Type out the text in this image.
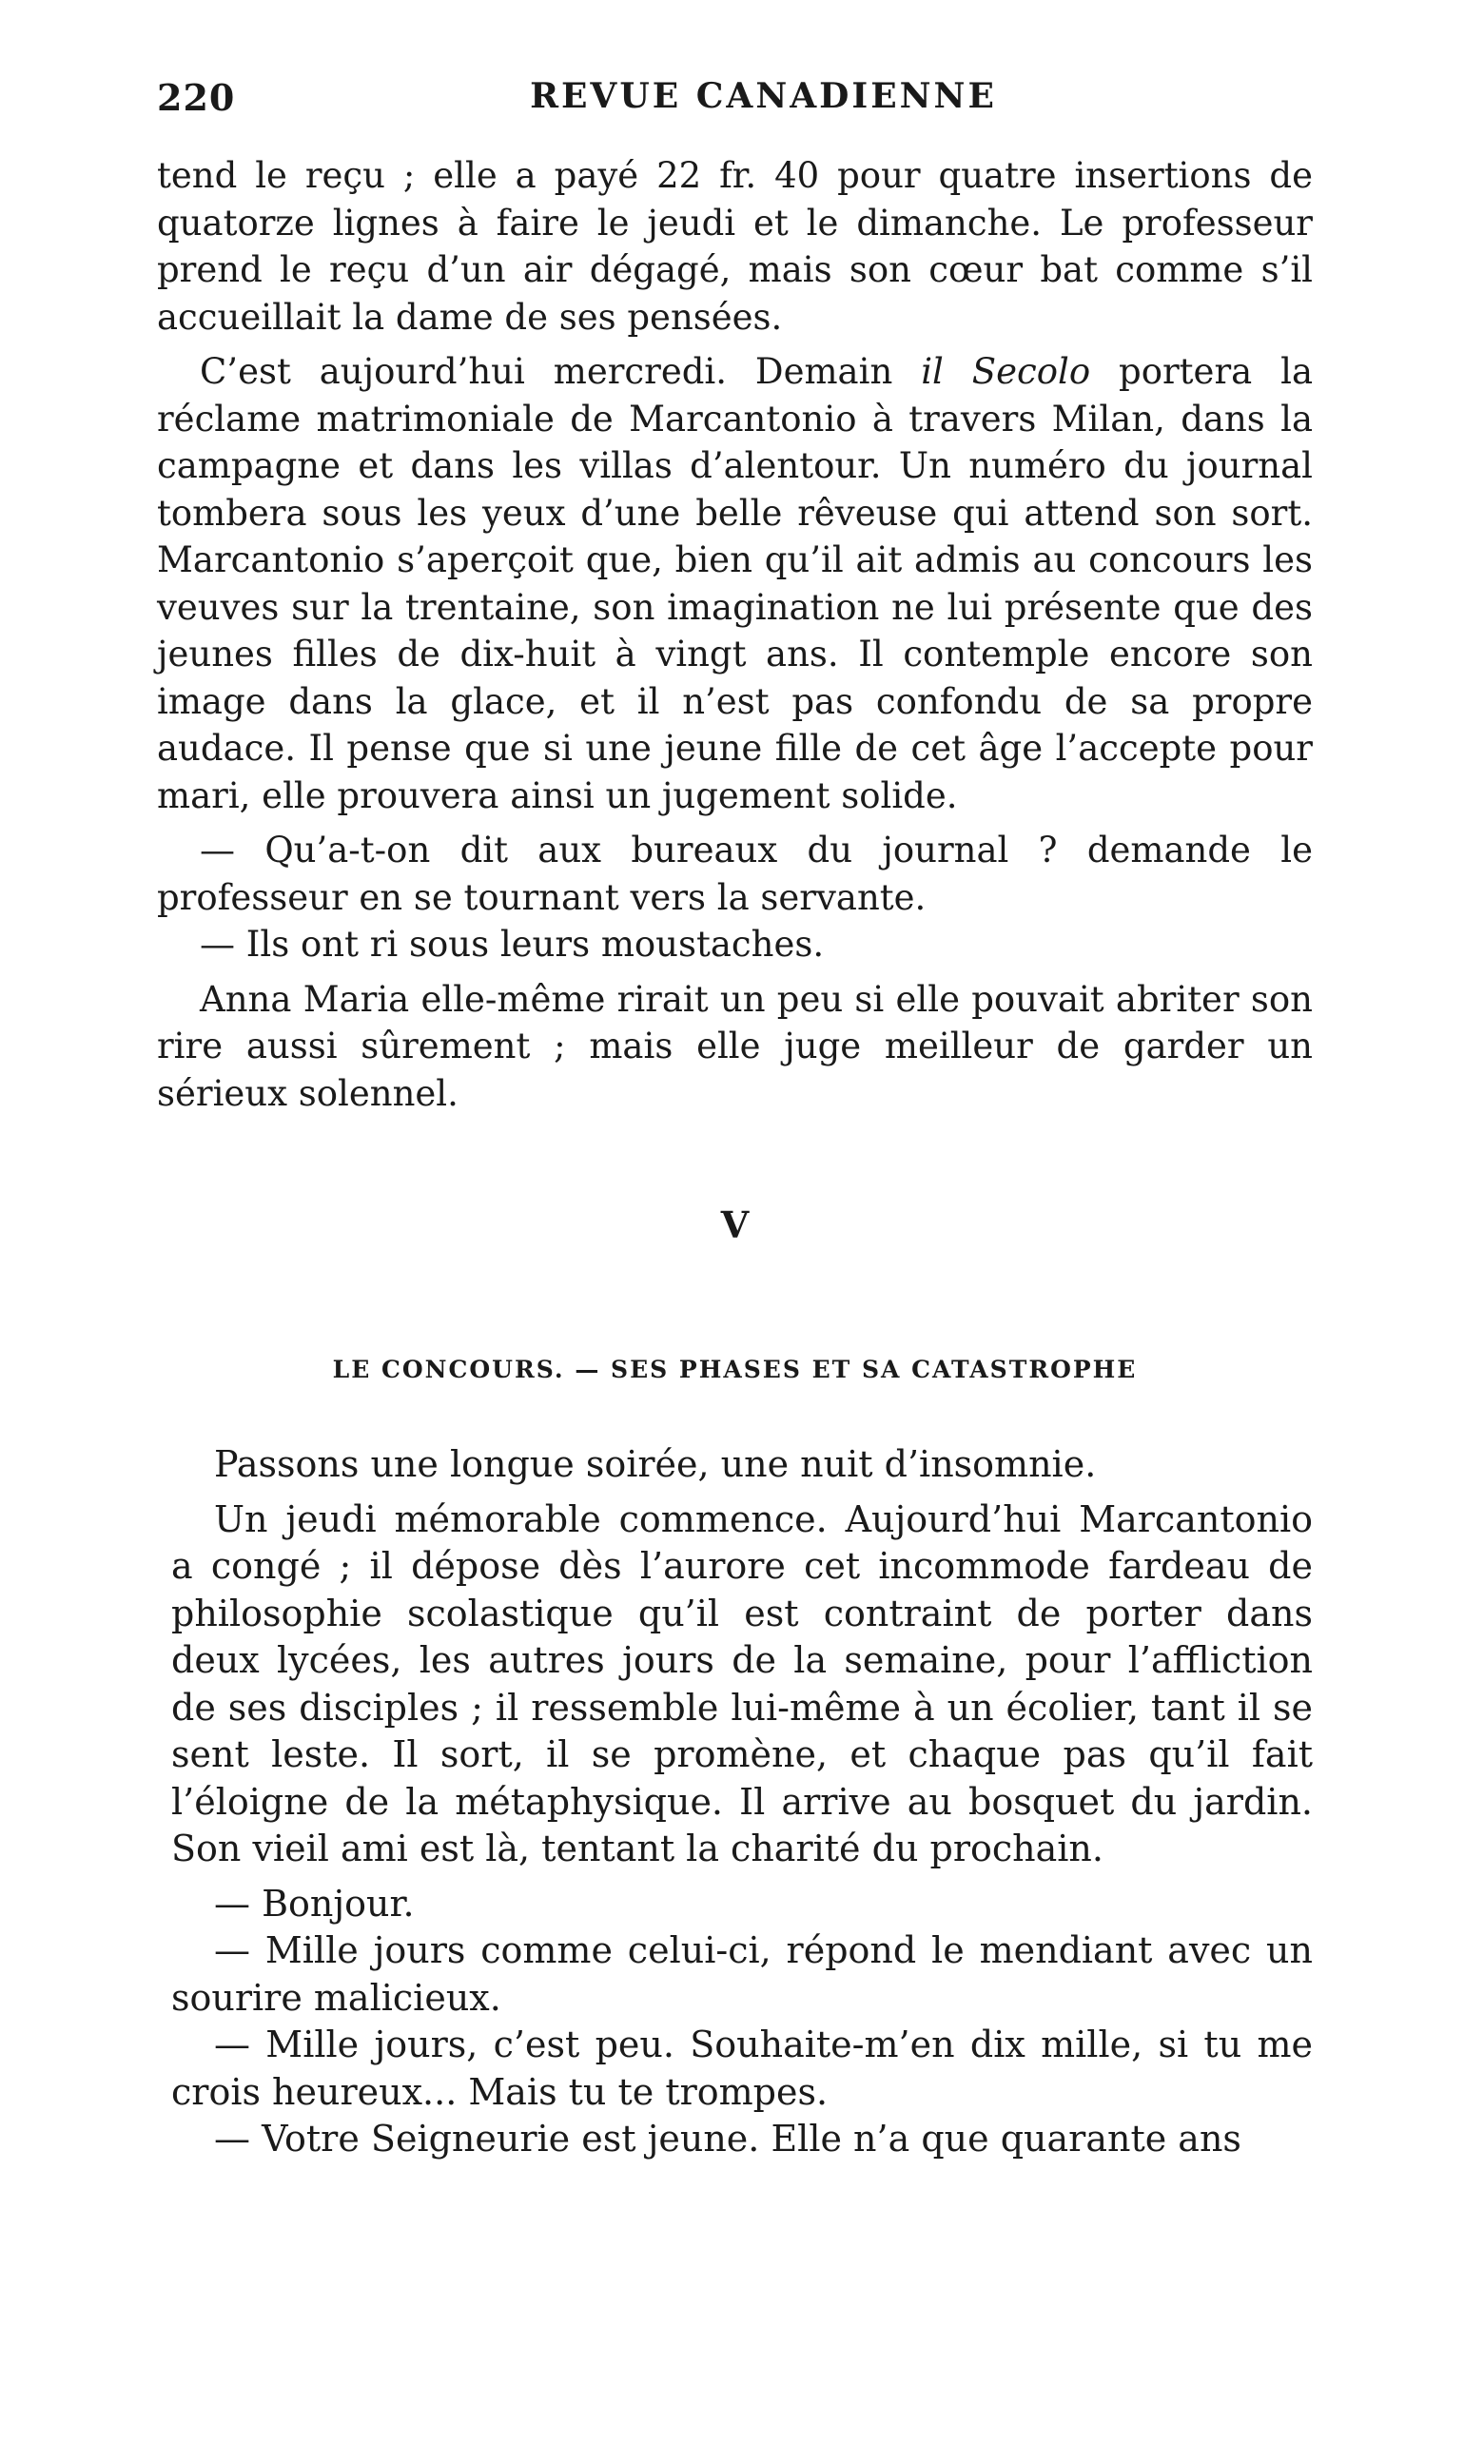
220	REVUE CANADIENNE

tend le reçu ; elle a payé 22 fr. 40 pour quatre insertions de quatorze lignes à faire le jeudi et le dimanche. Le professeur prend le reçu d’un air dégagé, mais son cœur bat comme s’il accueillait la dame de ses pensées.

C’est aujourd’hui mercredi. Demain il Secolo portera la réclame matrimoniale de Marcantonio à travers Milan, dans la campagne et dans les villas d’alentour. Un numéro du journal tombera sous les yeux d’une belle rêveuse qui attend son sort. Marcantonio s’aperçoit que, bien qu’il ait admis au concours les veuves sur la trentaine, son imagination ne lui présente que des jeunes filles de dix-huit à vingt ans. Il contemple encore son image dans la glace, et il n’est pas confondu de sa propre audace. Il pense que si une jeune fille de cet âge l’accepte pour mari, elle prouvera ainsi un jugement solide.

— Qu’a-t-on dit aux bureaux du journal ? demande le professeur en se tournant vers la servante.

— Ils ont ri sous leurs moustaches.

Anna Maria elle-même rirait un peu si elle pouvait abriter son rire aussi sûrement ; mais elle juge meilleur de garder un sérieux solennel.

V
LE CONCOURS. — SES PHASES ET SA CATASTROPHE

Passons une longue soirée, une nuit d’insomnie.

Un jeudi mémorable commence. Aujourd’hui Marcantonio a congé ; il dépose dès l’aurore cet incommode fardeau de philosophie scolastique qu’il est contraint de porter dans deux lycées, les autres jours de la semaine, pour l’affliction de ses disciples ; il ressemble lui-même à un écolier, tant il se sent leste. Il sort, il se promène, et chaque pas qu’il fait l’éloigne de la métaphysique. Il arrive au bosquet du jardin. Son vieil ami est là, tentant la charité du prochain.

— Bonjour.

— Mille jours comme celui-ci, répond le mendiant avec un sourire malicieux.

— Mille jours, c’est peu. Souhaite-m’en dix mille, si tu me crois heureux... Mais tu te trompes.

— Votre Seigneurie est jeune. Elle n’a que quarante ans
